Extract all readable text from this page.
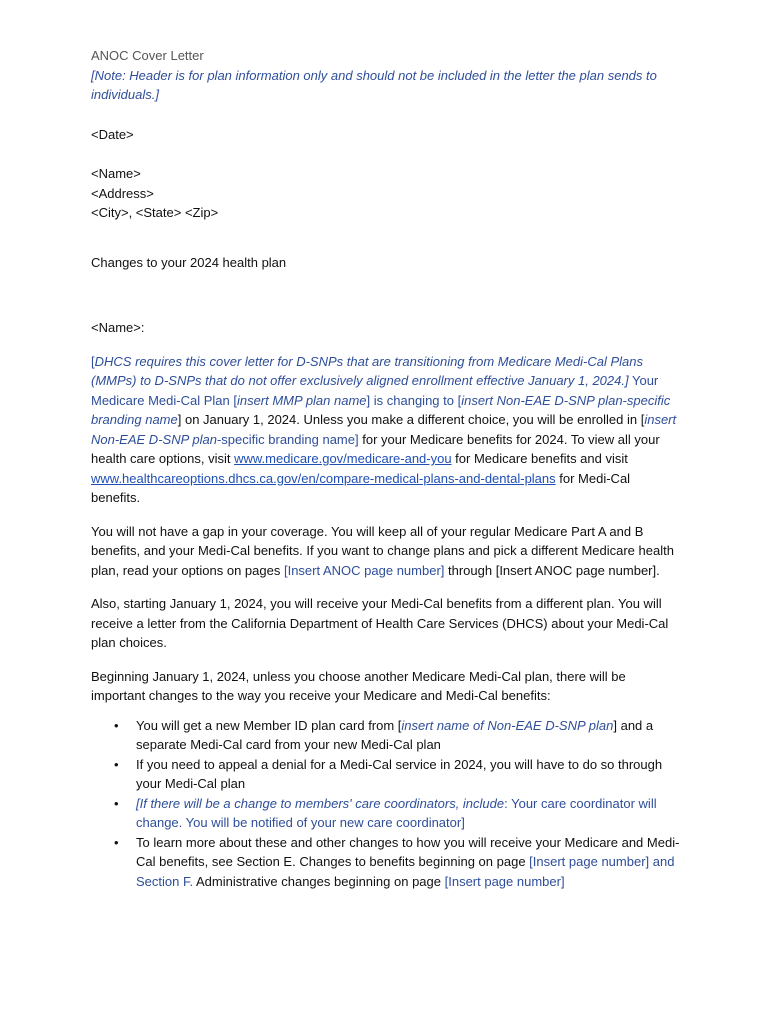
ANOC Cover Letter

[Note: Header is for plan information only and should not be included in the letter the plan sends to individuals.]

<Date>

<Name>

<Address>

<City>, <State> <Zip>

Changes to your 2024 health plan

<Name>:

[DHCS requires this cover letter for D-SNPs that are transitioning from Medicare Medi-Cal Plans (MMPs) to D-SNPs that do not offer exclusively aligned enrollment effective January 1, 2024.] Your Medicare Medi-Cal Plan [insert MMP plan name] is changing to [insert Non-EAE D-SNP plan-specific branding name] on January 1, 2024. Unless you make a different choice, you will be enrolled in [insert Non-EAE D-SNP plan-specific branding name] for your Medicare benefits for 2024. To view all your health care options, visit www.medicare.gov/medicare-and-you for Medicare benefits and visit www.healthcareoptions.dhcs.ca.gov/en/compare-medical-plans-and-dental-plans for Medi-Cal benefits.

You will not have a gap in your coverage. You will keep all of your regular Medicare Part A and B benefits, and your Medi-Cal benefits. If you want to change plans and pick a different Medicare health plan, read your options on pages [Insert ANOC page number] through [Insert ANOC page number].

Also, starting January 1, 2024, you will receive your Medi-Cal benefits from a different plan. You will receive a letter from the California Department of Health Care Services (DHCS) about your Medi-Cal plan choices.

Beginning January 1, 2024, unless you choose another Medicare Medi-Cal plan, there will be important changes to the way you receive your Medicare and Medi-Cal benefits:

• You will get a new Member ID plan card from [insert name of Non-EAE D-SNP plan] and a separate Medi-Cal card from your new Medi-Cal plan
• If you need to appeal a denial for a Medi-Cal service in 2024, you will have to do so through your Medi-Cal plan
• [If there will be a change to members' care coordinators, include: Your care coordinator will change. You will be notified of your new care coordinator]
• To learn more about these and other changes to how you will receive your Medicare and Medi-Cal benefits, see Section E. Changes to benefits beginning on page [Insert page number] and Section F. Administrative changes beginning on page [Insert page number]
